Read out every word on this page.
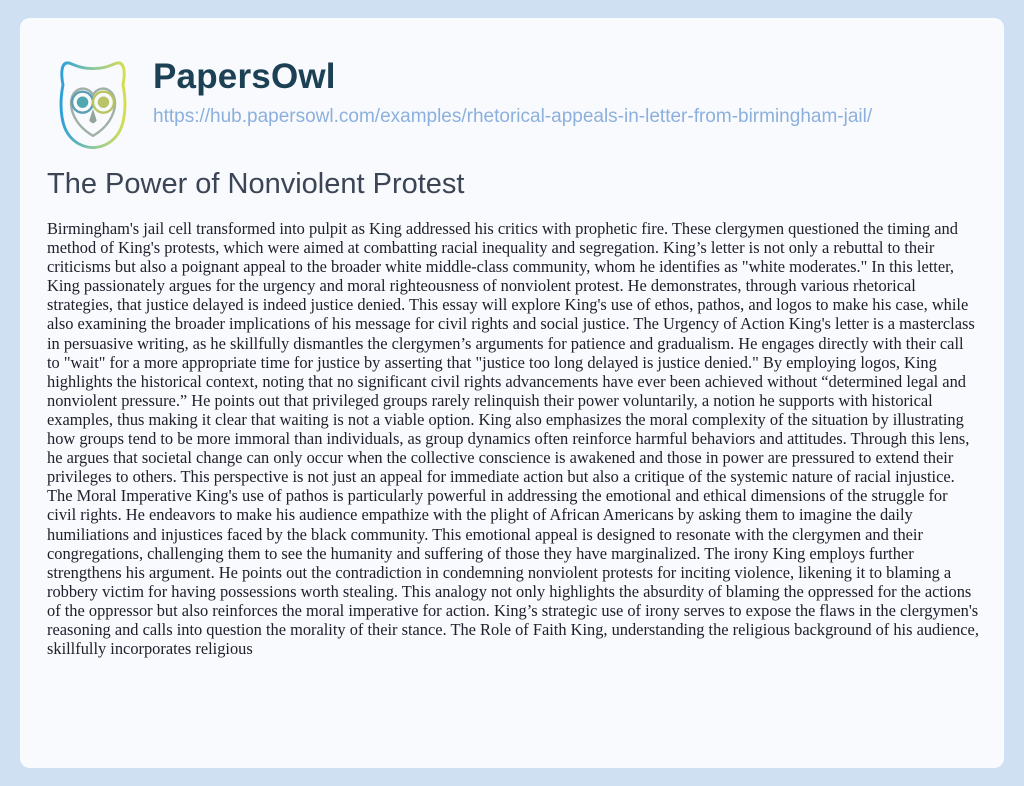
PapersOwl
https://hub.papersowl.com/examples/rhetorical-appeals-in-letter-from-birmingham-jail/
The Power of Nonviolent Protest

Birmingham's jail cell transformed into pulpit as King addressed his critics with prophetic fire. These clergymen questioned the timing and method of King's protests, which were aimed at combatting racial inequality and segregation. King’s letter is not only a rebuttal to their criticisms but also a poignant appeal to the broader white middle-class community, whom he identifies as "white moderates." In this letter, King passionately argues for the urgency and moral righteousness of nonviolent protest. He demonstrates, through various rhetorical strategies, that justice delayed is indeed justice denied. This essay will explore King's use of ethos, pathos, and logos to make his case, while also examining the broader implications of his message for civil rights and social justice. The Urgency of Action King's letter is a masterclass in persuasive writing, as he skillfully dismantles the clergymen’s arguments for patience and gradualism. He engages directly with their call to "wait" for a more appropriate time for justice by asserting that "justice too long delayed is justice denied." By employing logos, King highlights the historical context, noting that no significant civil rights advancements have ever been achieved without “determined legal and nonviolent pressure.” He points out that privileged groups rarely relinquish their power voluntarily, a notion he supports with historical examples, thus making it clear that waiting is not a viable option. King also emphasizes the moral complexity of the situation by illustrating how groups tend to be more immoral than individuals, as group dynamics often reinforce harmful behaviors and attitudes. Through this lens, he argues that societal change can only occur when the collective conscience is awakened and those in power are pressured to extend their privileges to others. This perspective is not just an appeal for immediate action but also a critique of the systemic nature of racial injustice. The Moral Imperative King's use of pathos is particularly powerful in addressing the emotional and ethical dimensions of the struggle for civil rights. He endeavors to make his audience empathize with the plight of African Americans by asking them to imagine the daily humiliations and injustices faced by the black community. This emotional appeal is designed to resonate with the clergymen and their congregations, challenging them to see the humanity and suffering of those they have marginalized. The irony King employs further strengthens his argument. He points out the contradiction in condemning nonviolent protests for inciting violence, likening it to blaming a robbery victim for having possessions worth stealing. This analogy not only highlights the absurdity of blaming the oppressed for the actions of the oppressor but also reinforces the moral imperative for action. King’s strategic use of irony serves to expose the flaws in the clergymen's reasoning and calls into question the morality of their stance. The Role of Faith King, understanding the religious background of his audience, skillfully incorporates religious
